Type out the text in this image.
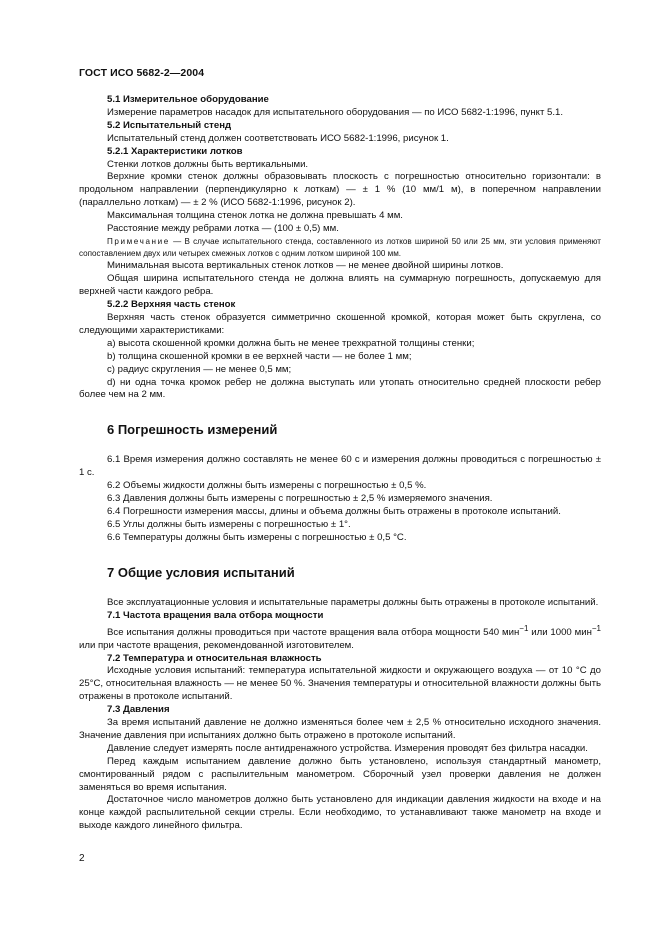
ГОСТ ИСО 5682-2—2004

5.1 Измерительное оборудование

Измерение параметров насадок для испытательного оборудования — по ИСО 5682-1:1996, пункт 5.1.

5.2 Испытательный стенд

Испытательный стенд должен соответствовать ИСО 5682-1:1996, рисунок 1.

5.2.1 Характеристики лотков

Стенки лотков должны быть вертикальными.

Верхние кромки стенок должны образовывать плоскость с погрешностью относительно горизонтали: в продольном направлении (перпендикулярно к лоткам) — ± 1 % (10 мм/1 м), в поперечном направлении (параллельно лоткам) — ± 2 % (ИСО 5682-1:1996, рисунок 2).

Максимальная толщина стенок лотка не должна превышать 4 мм.

Расстояние между ребрами лотка — (100 ± 0,5) мм.

Примечание — В случае испытательного стенда, составленного из лотков шириной 50 или 25 мм, эти условия применяют сопоставлением двух или четырех смежных лотков с одним лотком шириной 100 мм.

Минимальная высота вертикальных стенок лотков — не менее двойной ширины лотков.

Общая ширина испытательного стенда не должна влиять на суммарную погрешность, допускаемую для верхней части каждого ребра.

5.2.2 Верхняя часть стенок

Верхняя часть стенок образуется симметрично скошенной кромкой, которая может быть скруглена, со следующими характеристиками:

a) высота скошенной кромки должна быть не менее трехкратной толщины стенки;

b) толщина скошенной кромки в ее верхней части — не более 1 мм;

c) радиус скругления — не менее 0,5 мм;

d) ни одна точка кромок ребер не должна выступать или утопать относительно средней плоскости ребер более чем на 2 мм.

6 Погрешность измерений

6.1 Время измерения должно составлять не менее 60 с и измерения должны проводиться с погрешностью ± 1 с.

6.2 Объемы жидкости должны быть измерены с погрешностью ± 0,5 %.

6.3 Давления должны быть измерены с погрешностью ± 2,5 % измеряемого значения.

6.4 Погрешности измерения массы, длины и объема должны быть отражены в протоколе испытаний.

6.5 Углы должны быть измерены с погрешностью ± 1°.

6.6 Температуры должны быть измерены с погрешностью ± 0,5 °С.

7 Общие условия испытаний

Все эксплуатационные условия и испытательные параметры должны быть отражены в протоколе испытаний.

7.1 Частота вращения вала отбора мощности

Все испытания должны проводиться при частоте вращения вала отбора мощности 540 мин$^{-1}$ или 1000 мин$^{-1}$ или при частоте вращения, рекомендованной изготовителем.

7.2 Температура и относительная влажность

Исходные условия испытаний: температура испытательной жидкости и окружающего воздуха — от 10 °С до 25°С, относительная влажность — не менее 50 %. Значения температуры и относительной влажности должны быть отражены в протоколе испытаний.

7.3 Давления

За время испытаний давление не должно изменяться более чем ± 2,5 % относительно исходного значения. Значение давления при испытаниях должно быть отражено в протоколе испытаний.

Давление следует измерять после антидренажного устройства. Измерения проводят без фильтра насадки.

Перед каждым испытанием давление должно быть установлено, используя стандартный манометр, смонтированный рядом с распылительным манометром. Сборочный узел проверки давления не должен заменяться во время испытания.

Достаточное число манометров должно быть установлено для индикации давления жидкости на входе и на конце каждой распылительной секции стрелы. Если необходимо, то устанавливают также манометр на входе и выходе каждого линейного фильтра.

2
